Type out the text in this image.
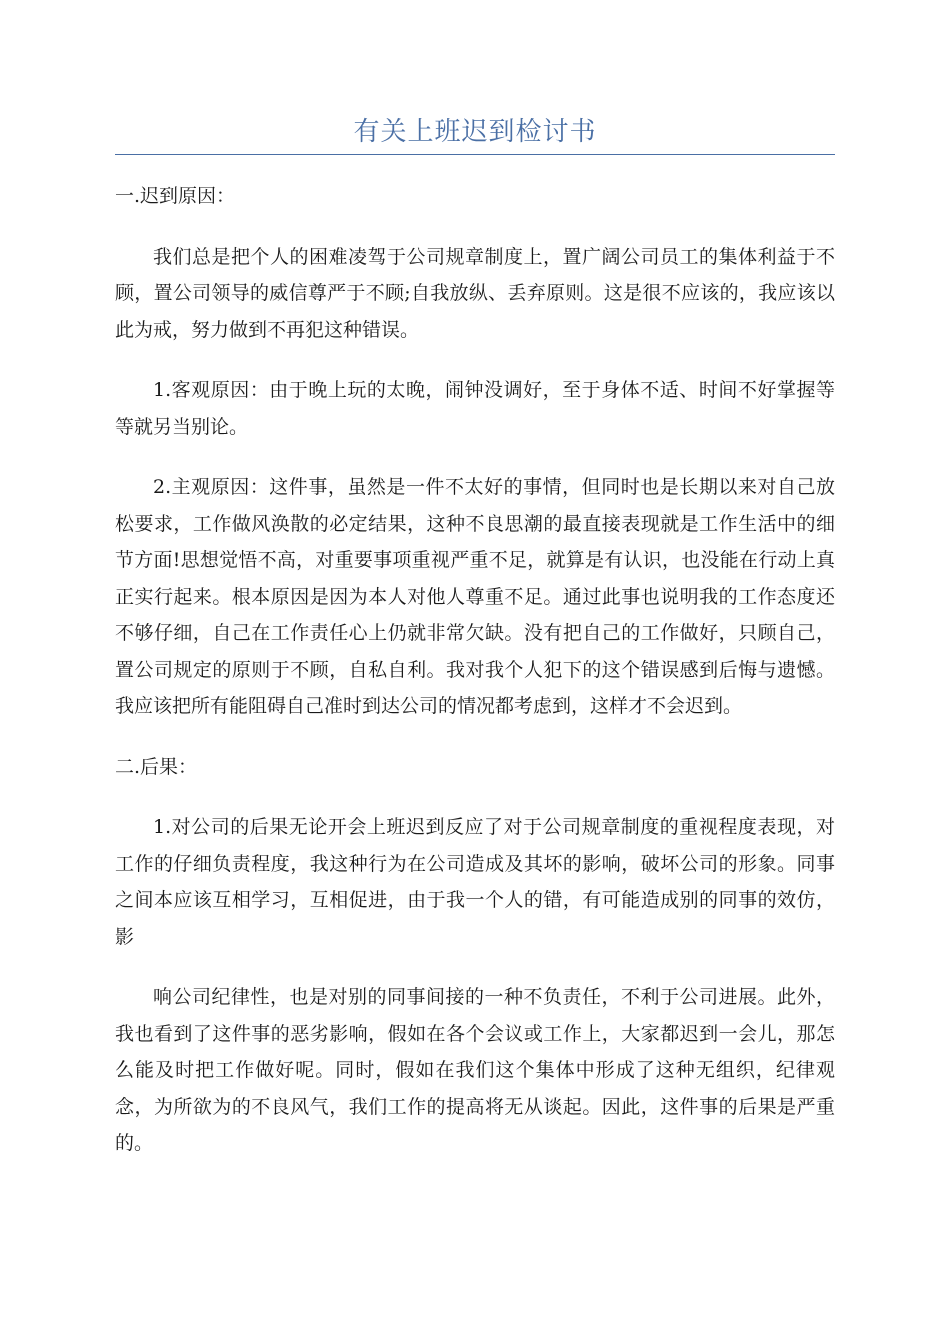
有关上班迟到检讨书

一.迟到原因：

我们总是把个人的困难凌驾于公司规章制度上，置广阔公司员工的集体利益于不顾，置公司领导的威信尊严于不顾;自我放纵、丢弃原则。这是很不应该的，我应该以此为戒，努力做到不再犯这种错误。

1.客观原因：由于晚上玩的太晚，闹钟没调好，至于身体不适、时间不好掌握等等就另当别论。

2.主观原因：这件事，虽然是一件不太好的事情，但同时也是长期以来对自己放松要求，工作做风涣散的必定结果，这种不良思潮的最直接表现就是工作生活中的细节方面!思想觉悟不高，对重要事项重视严重不足，就算是有认识，也没能在行动上真正实行起来。根本原因是因为本人对他人尊重不足。通过此事也说明我的工作态度还不够仔细，自己在工作责任心上仍就非常欠缺。没有把自己的工作做好，只顾自己，置公司规定的原则于不顾，自私自利。我对我个人犯下的这个错误感到后悔与遗憾。我应该把所有能阻碍自己准时到达公司的情况都考虑到，这样才不会迟到。

二.后果：

1.对公司的后果无论开会上班迟到反应了对于公司规章制度的重视程度表现，对工作的仔细负责程度，我这种行为在公司造成及其坏的影响，破坏公司的形象。同事之间本应该互相学习，互相促进，由于我一个人的错，有可能造成别的同事的效仿，影

响公司纪律性，也是对别的同事间接的一种不负责任，不利于公司进展。此外，我也看到了这件事的恶劣影响，假如在各个会议或工作上，大家都迟到一会儿，那怎么能及时把工作做好呢。同时，假如在我们这个集体中形成了这种无组织，纪律观念，为所欲为的不良风气，我们工作的提高将无从谈起。因此，这件事的后果是严重的。
